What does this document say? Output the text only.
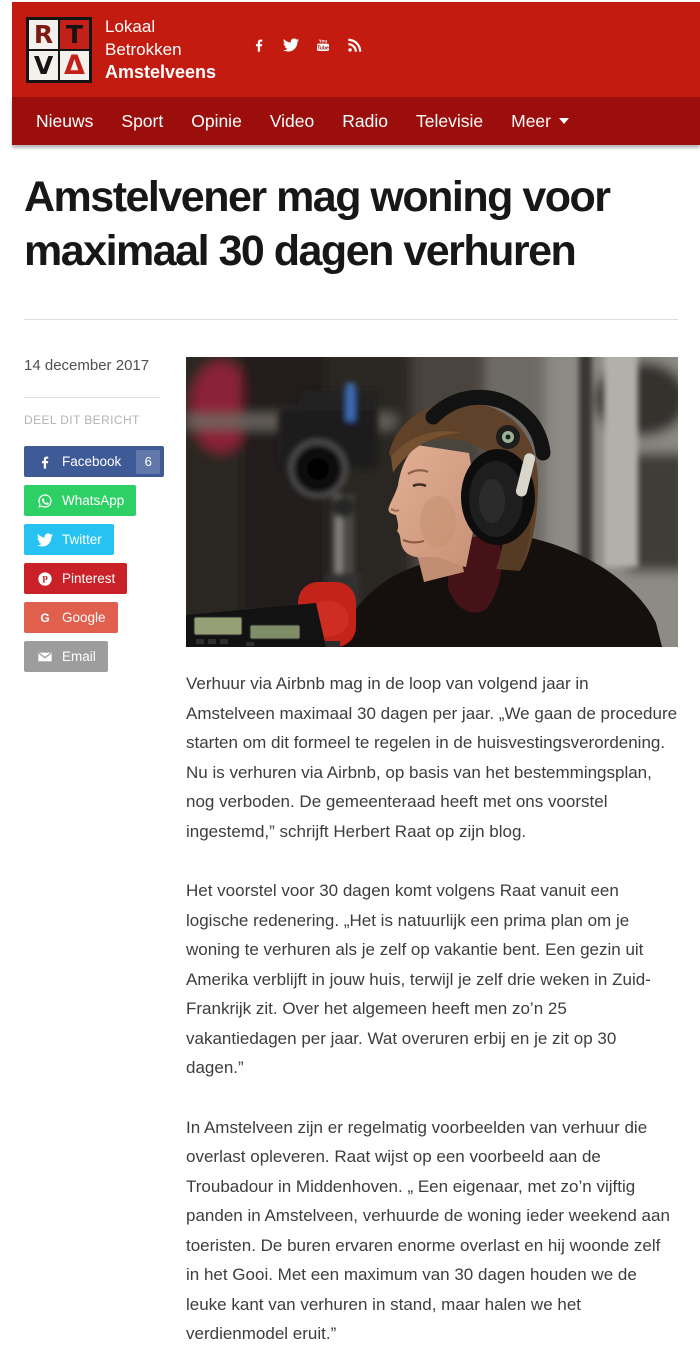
R T
V Δ
Lokaal
Betrokken
Amstelveens
You
Tube
Nieuws	Sport	Opinie	Video	Radio	Televisie	Meer
Amstelvener mag woning voor
maximaal 30 dagen verhuren
14 december 2017
DEEL DIT BERICHT
Facebook	6
WhatsApp
Twitter
P Pinterest
G Google
Email

Verhuur via Airbnb mag in de loop van volgend jaar in Amstelveen maximaal 30 dagen per jaar. „We gaan de procedure starten om dit formeel te regelen in de huisvestingsverordening. Nu is verhuren via Airbnb, op basis van het bestemmingsplan, nog verboden. De gemeenteraad heeft met ons voorstel ingestemd,” schrijft Herbert Raat op zijn blog.

Het voorstel voor 30 dagen komt volgens Raat vanuit een logische redenering. „Het is natuurlijk een prima plan om je woning te verhuren als je zelf op vakantie bent. Een gezin uit Amerika verblijft in jouw huis, terwijl je zelf drie weken in Zuid-Frankrijk zit. Over het algemeen heeft men zo’n 25 vakantiedagen per jaar. Wat overuren erbij en je zit op 30 dagen.”

In Amstelveen zijn er regelmatig voorbeelden van verhuur die overlast opleveren. Raat wijst op een voorbeeld aan de Troubadour in Middenhoven. „ Een eigenaar, met zo’n vijftig panden in Amstelveen, verhuurde de woning ieder weekend aan toeristen. De buren ervaren enorme overlast en hij woonde zelf in het Gooi. Met een maximum van 30 dagen houden we de leuke kant van verhuren in stand, maar halen we het verdienmodel eruit.”
